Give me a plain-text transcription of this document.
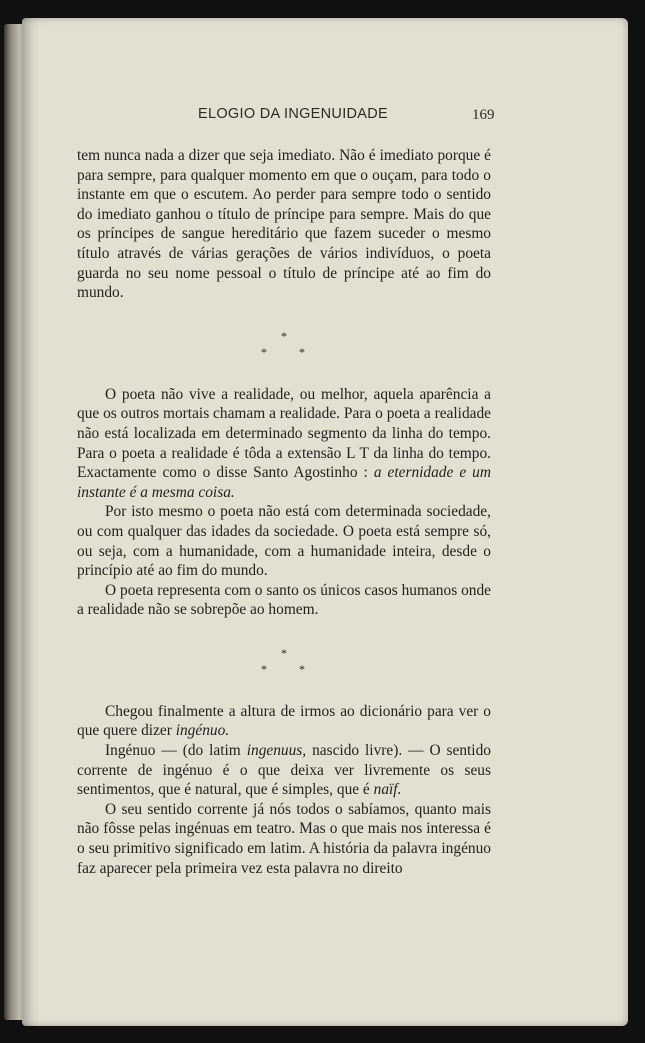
ELOGIO DA INGENUIDADE	169

tem nunca nada a dizer que seja imediato. Não é imediato porque é para sempre, para qualquer momento em que o ouçam, para todo o instante em que o escutem. Ao perder para sempre todo o sentido do imediato ganhou o título de príncipe para sempre. Mais do que os príncipes de sangue hereditário que fazem suceder o mesmo título através de várias gerações de vários indivíduos, o poeta guarda no seu nome pessoal o título de príncipe até ao fim do mundo.

*
*	*

O poeta não vive a realidade, ou melhor, aquela aparência a que os outros mortais chamam a realidade. Para o poeta a realidade não está localizada em determinado segmento da linha do tempo. Para o poeta a realidade é tôda a extensão L T da linha do tempo. Exactamente como o disse Santo Agostinho : a eternidade e um instante é a mesma coisa.

Por isto mesmo o poeta não está com determinada sociedade, ou com qualquer das idades da sociedade. O poeta está sempre só, ou seja, com a humanidade, com a humanidade inteira, desde o princípio até ao fim do mundo.

O poeta representa com o santo os únicos casos humanos onde a realidade não se sobrepõe ao homem.

*
*	*

Chegou finalmente a altura de irmos ao dicionário para ver o que quere dizer ingénuo.

Ingénuo — (do latim ingenuus, nascido livre). — O sentido corrente de ingénuo é o que deixa ver livremente os seus sentimentos, que é natural, que é simples, que é naïf.

O seu sentido corrente já nós todos o sabíamos, quanto mais não fôsse pelas ingénuas em teatro. Mas o que mais nos interessa é o seu primitivo significado em latim. A história da palavra ingénuo faz aparecer pela primeira vez esta palavra no direito
